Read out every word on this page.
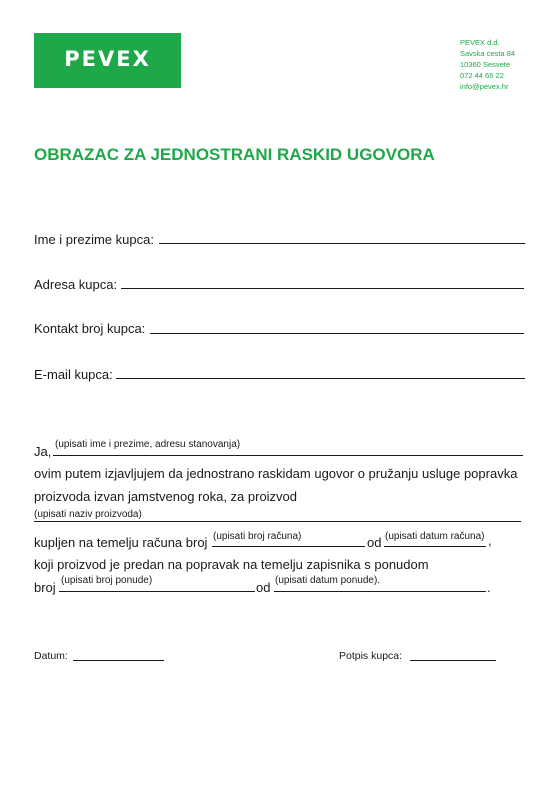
PEVEX
PEVEX d.d.
Savska cesta 84
10360 Sesvete
072 44 66 22
info@pevex.hr
OBRAZAC ZA JEDNOSTRANI RASKID UGOVORA
Ime i prezime kupca:
Adresa kupca:
Kontakt broj kupca:
E-mail kupca:
Ja, (upisati ime i prezime, adresu stanovanja)
ovim putem izjavljujem da jednostrano raskidam ugovor o pružanju usluge popravka
proizvoda izvan jamstvenog roka, za proizvod
(upisati naziv proizvoda)
kupljen na temelju računa broj (upisati broj računa)	od (upisati datum računa) ,
koji proizvod je predan na popravak na temelju zapisnika s ponudom
broj (upisati broj ponude)	od (upisati datum ponude).	.
Datum:	Potpis kupca:
